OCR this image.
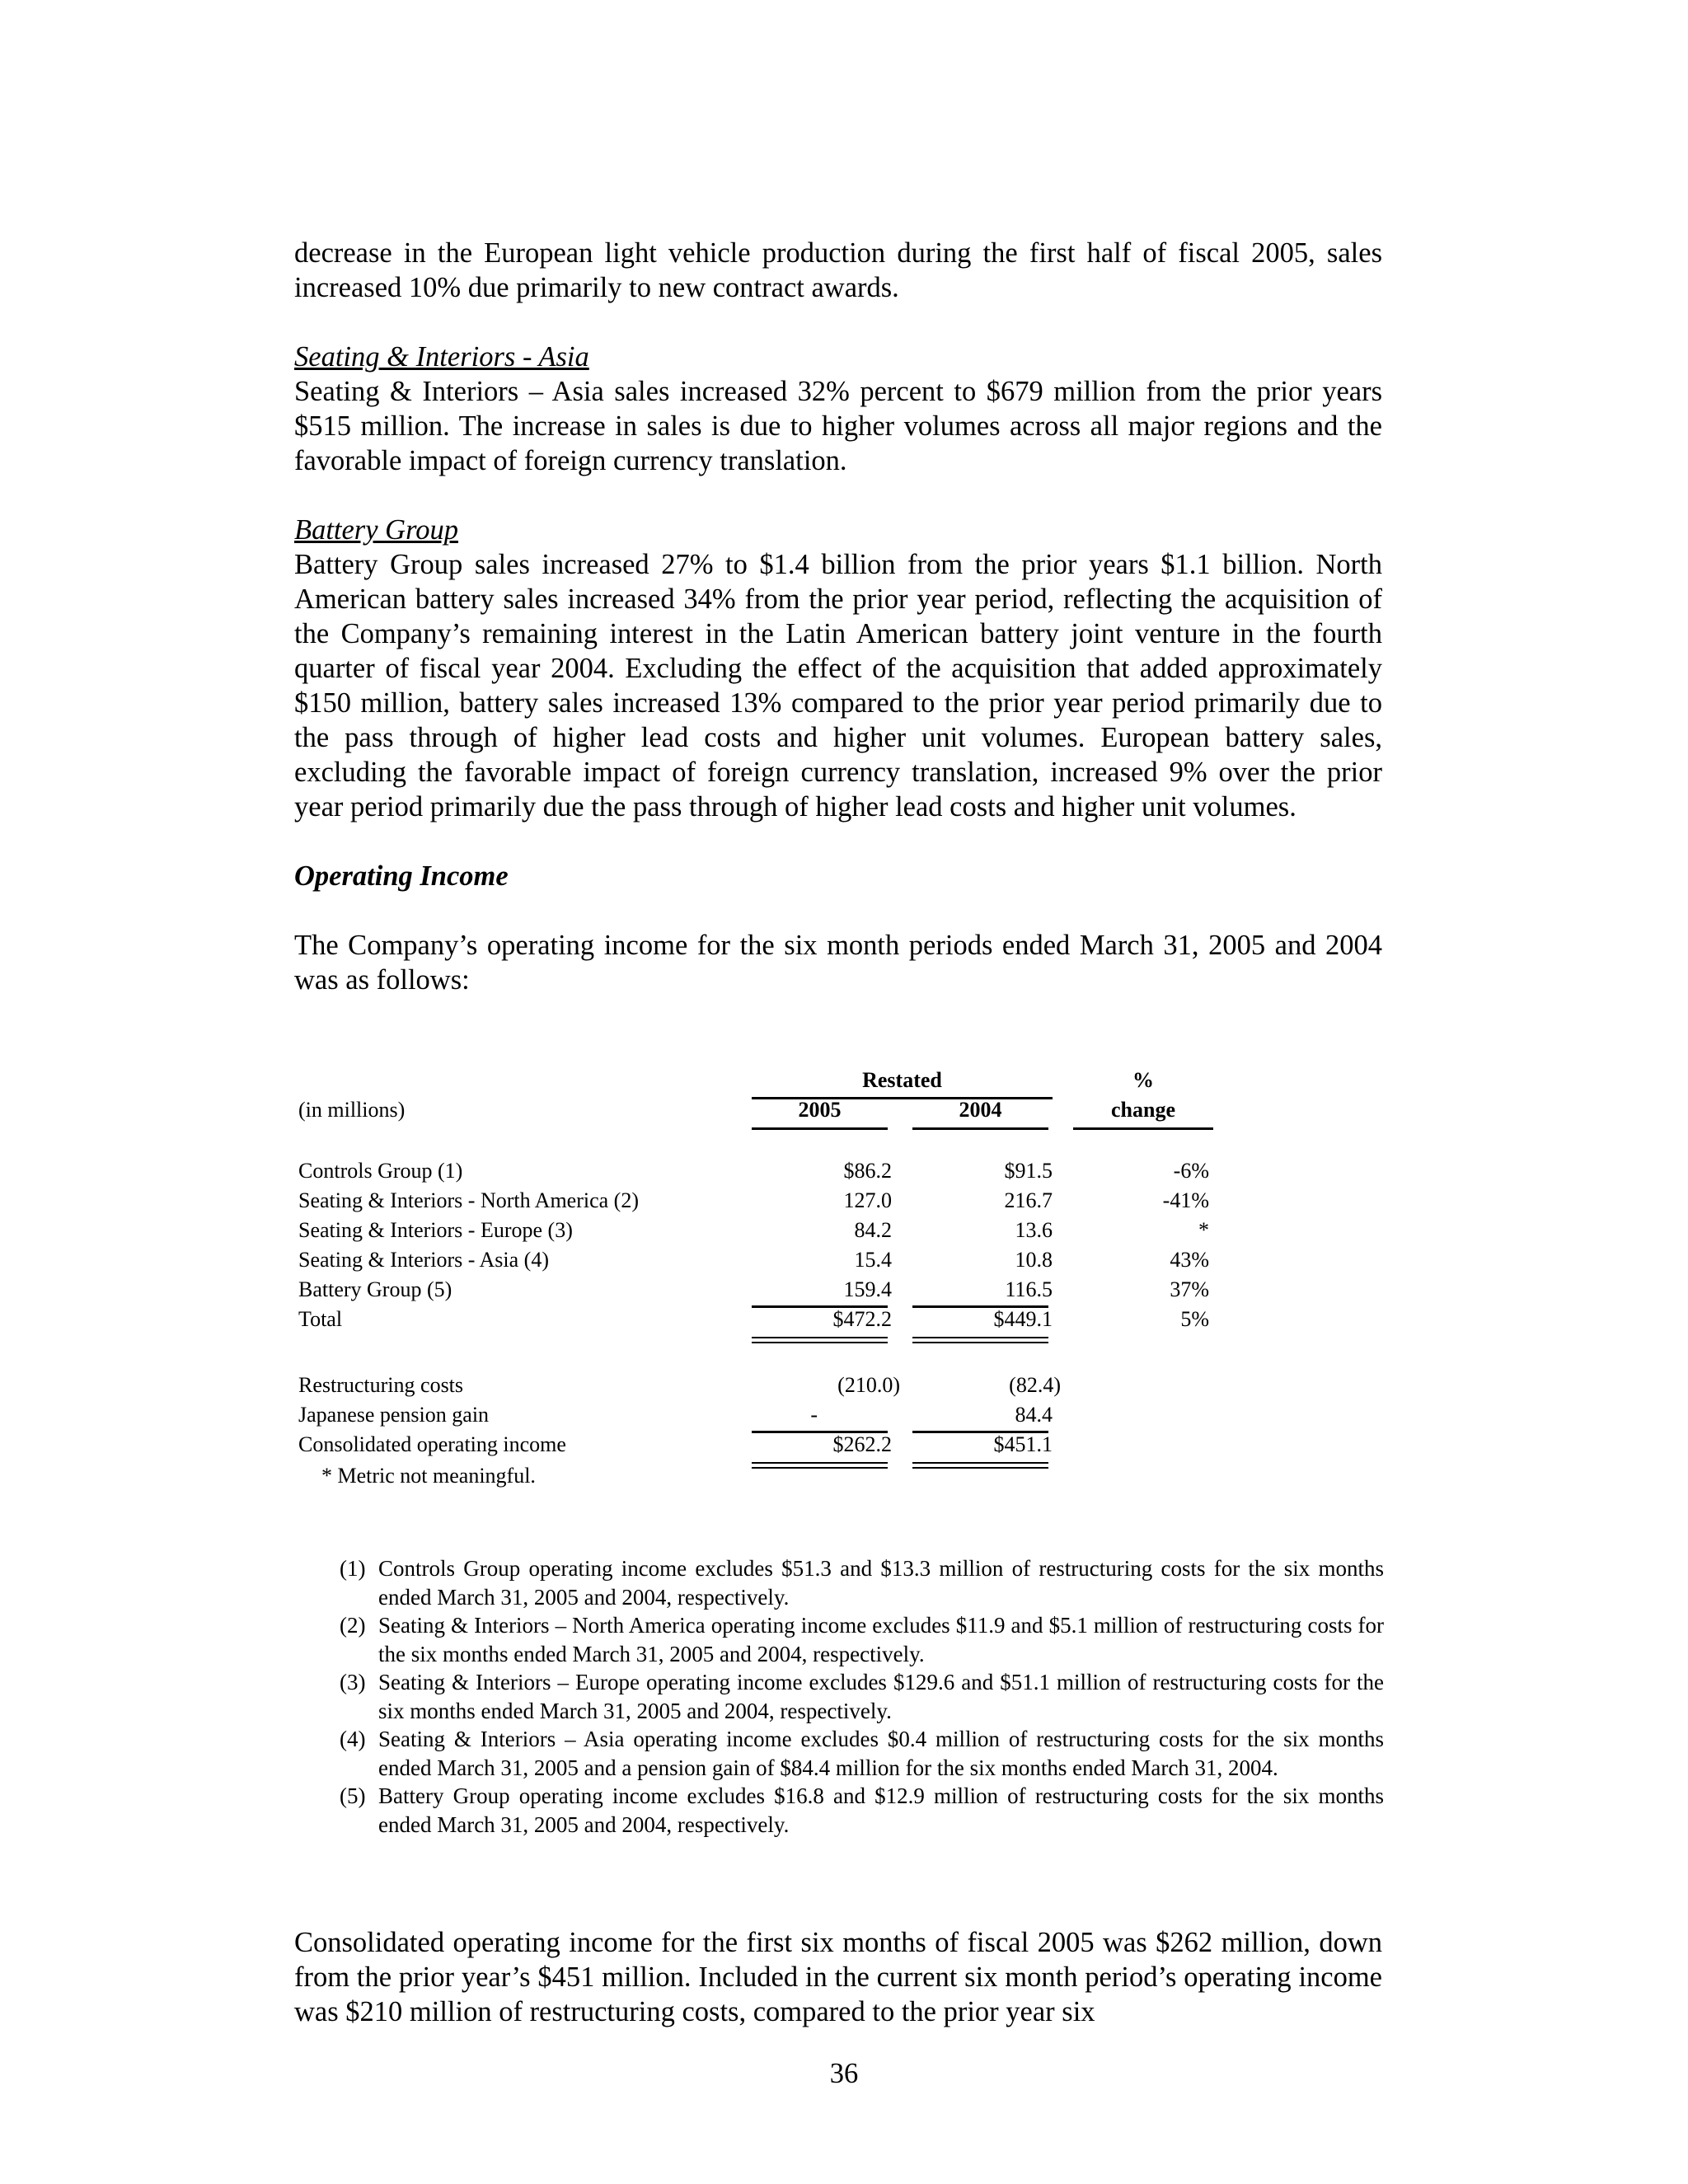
decrease in the European light vehicle production during the first half of fiscal 2005, sales increased 10% due primarily to new contract awards.

Seating & Interiors - Asia

Seating & Interiors – Asia sales increased 32% percent to $679 million from the prior years $515 million. The increase in sales is due to higher volumes across all major regions and the favorable impact of foreign currency translation.

Battery Group

Battery Group sales increased 27% to $1.4 billion from the prior years $1.1 billion. North American battery sales increased 34% from the prior year period, reflecting the acquisition of the Company’s remaining interest in the Latin American battery joint venture in the fourth quarter of fiscal year 2004. Excluding the effect of the acquisition that added approximately $150 million, battery sales increased 13% compared to the prior year period primarily due to the pass through of higher lead costs and higher unit volumes. European battery sales, excluding the favorable impact of foreign currency translation, increased 9% over the prior year period primarily due the pass through of higher lead costs and higher unit volumes.

Operating Income

The Company’s operating income for the six month periods ended March 31, 2005 and 2004 was as follows:

Restated	%
(in millions)	2005	2004	change
Controls Group (1)	$86.2	$91.5	-6%
Seating & Interiors - North America (2)	127.0	216.7	-41%
Seating & Interiors - Europe (3)	84.2	13.6	*
Seating & Interiors - Asia (4)	15.4	10.8	43%
Battery Group (5)	159.4	116.5	37%
Total	$472.2	$449.1	5%
Restructuring costs	(210.0)	(82.4)
Japanese pension gain	-	84.4
Consolidated operating income	$262.2	$451.1
* Metric not meaningful.

(1) Controls Group operating income excludes $51.3 and $13.3 million of restructuring costs for the six months ended March 31, 2005 and 2004, respectively.

(2) Seating & Interiors – North America operating income excludes $11.9 and $5.1 million of restructuring costs for the six months ended March 31, 2005 and 2004, respectively.

(3) Seating & Interiors – Europe operating income excludes $129.6 and $51.1 million of restructuring costs for the six months ended March 31, 2005 and 2004, respectively.

(4) Seating & Interiors – Asia operating income excludes $0.4 million of restructuring costs for the six months ended March 31, 2005 and a pension gain of $84.4 million for the six months ended March 31, 2004.

(5) Battery Group operating income excludes $16.8 and $12.9 million of restructuring costs for the six months ended March 31, 2005 and 2004, respectively.

Consolidated operating income for the first six months of fiscal 2005 was $262 million, down from the prior year’s $451 million. Included in the current six month period’s operating income was $210 million of restructuring costs, compared to the prior year six

36
